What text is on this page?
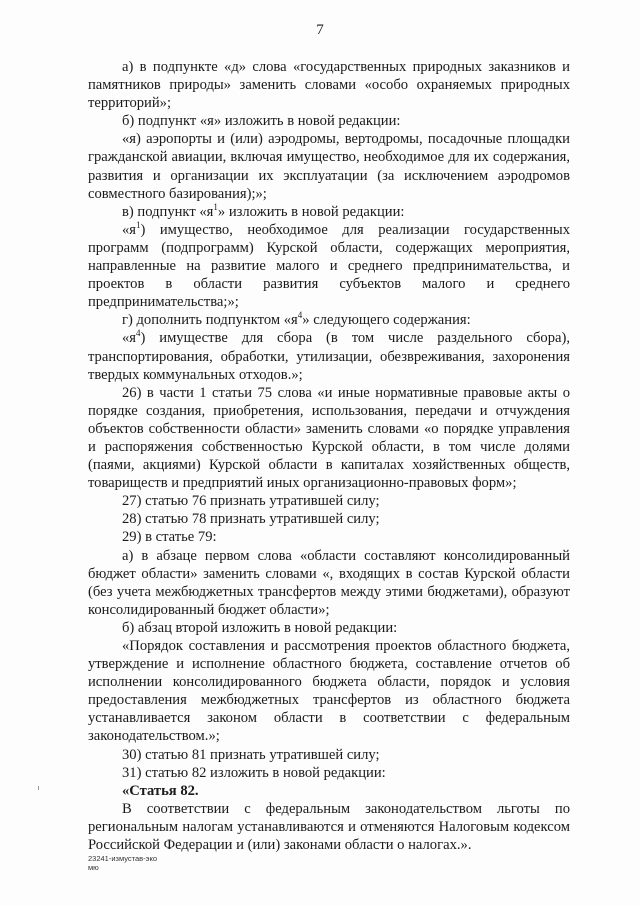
7

а) в подпункте «д» слова «государственных природных заказников и памятников природы» заменить словами «особо охраняемых природных территорий»;

б) подпункт «я» изложить в новой редакции:

«я) аэропорты и (или) аэродромы, вертодромы, посадочные площадки гражданской авиации, включая имущество, необходимое для их содержания, развития и организации их эксплуатации (за исключением аэродромов совместного базирования);»;

в) подпункт «$я^1$» изложить в новой редакции:

«$я^1$) имущество, необходимое для реализации государственных программ (подпрограмм) Курской области, содержащих мероприятия, направленные на развитие малого и среднего предпринимательства, и проектов в области развития субъектов малого и среднего предпринимательства;»;

г) дополнить подпунктом «$я^4$» следующего содержания:

«$я^4$) имуществе для сбора (в том числе раздельного сбора), транспортирования, обработки, утилизации, обезвреживания, захоронения твердых коммунальных отходов.»;

26) в части 1 статьи 75 слова «и иные нормативные правовые акты о порядке создания, приобретения, использования, передачи и отчуждения объектов собственности области» заменить словами «о порядке управления и распоряжения собственностью Курской области, в том числе долями (паями, акциями) Курской области в капиталах хозяйственных обществ, товариществ и предприятий иных организационно-правовых форм»;

27) статью 76 признать утратившей силу;

28) статью 78 признать утратившей силу;

29) в статье 79:

а) в абзаце первом слова «области составляют консолидированный бюджет области» заменить словами «, входящих в состав Курской области (без учета межбюджетных трансфертов между этими бюджетами), образуют консолидированный бюджет области»;

б) абзац второй изложить в новой редакции:

«Порядок составления и рассмотрения проектов областного бюджета, утверждение и исполнение областного бюджета, составление отчетов об исполнении консолидированного бюджета области, порядок и условия предоставления межбюджетных трансфертов из областного бюджета устанавливается законом области в соответствии с федеральным законодательством.»;

30) статью 81 признать утратившей силу;

31) статью 82 изложить в новой редакции:

«Статья 82.

В соответствии с федеральным законодательством льготы по региональным налогам устанавливаются и отменяются Налоговым кодексом Российской Федерации и (или) законами области о налогах.».

23241-измустав-эко
мю
